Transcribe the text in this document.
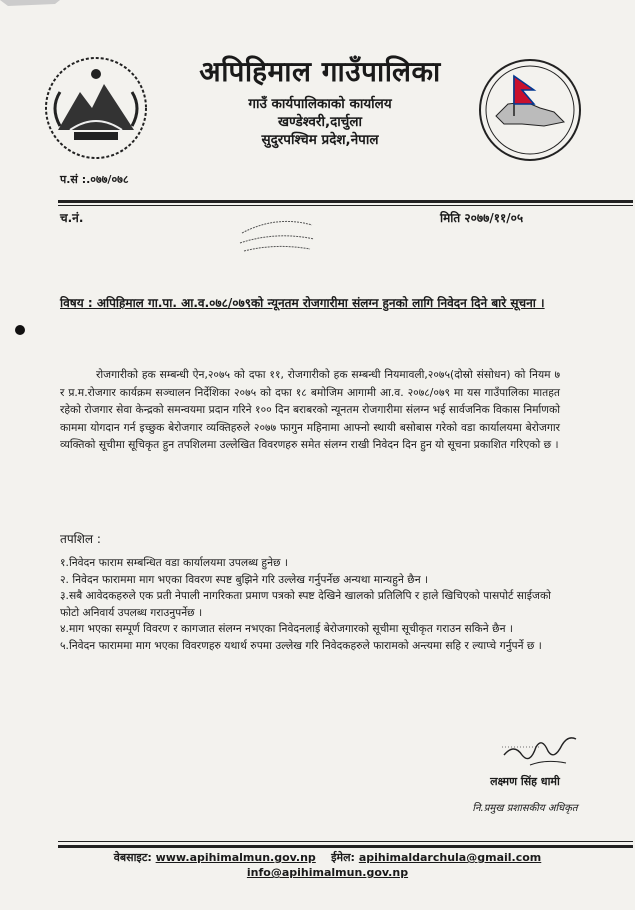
अपिहिमाल गाउँपालिका
गाउँ कार्यपालिकाको कार्यालय
खण्डेश्वरी,दार्चुला
सुदुरपश्चिम प्रदेश,नेपाल
प.सं :.०७७/०७८
च.नं.	मिति २०७७/११/०५
विषय : अपिहिमाल गा.पा. आ.व.०७८/०७९को न्यूनतम रोजगारीमा संलग्न हुनको लागि निवेदन दिने बारे सूचना ।
रोजगारीको हक सम्बन्धी ऐन,२०७५ को दफा ११, रोजगारीको हक सम्बन्धी नियमावली,२०७५(दोस्रो संसोधन) को नियम ७ र प्र.म.रोजगार कार्यक्रम सञ्चालन निर्देशिका २०७५ को दफा १८ बमोजिम आगामी आ.व. २०७८/०७९ मा यस गाउँपालिका मातहत रहेको रोजगार सेवा केन्द्रको समन्वयमा प्रदान गरिने १०० दिन बराबरको न्यूनतम रोजगारीमा संलग्न भई सार्वजनिक विकास निर्माणको काममा योगदान गर्न इच्छुक बेरोजगार व्यक्तिहरुले २०७७ फागुन महिनामा आफ्नो स्थायी बसोबास गरेको वडा कार्यालयमा बेरोजगार व्यक्तिको सूचीमा सूचिकृत हुन तपशिलमा उल्लेखित विवरणहरु समेत संलग्न राखी निवेदन दिन हुन यो सूचना प्रकाशित गरिएको छ ।
तपशिल :
१.निवेदन फाराम सम्बन्धित वडा कार्यालयमा उपलब्ध हुनेछ ।
२. निवेदन फाराममा माग भएका विवरण स्पष्ट बुझिने गरि उल्लेख गर्नुपर्नेछ अन्यथा मान्यहुने छैन ।
३.सबै आवेदकहरुले एक प्रती नेपाली नागरिकता प्रमाण पत्रको स्पष्ट देखिने खालको प्रतिलिपि र हाले खिचिएको पासपोर्ट साईजको फोटो अनिवार्य उपलब्ध गराउनुपर्नेछ ।
४.माग भएका सम्पूर्ण विवरण र कागजात संलग्न नभएका निवेदनलाई बेरोजगारको सूचीमा सूचीकृत गराउन सकिने छैन ।
५.निवेदन फाराममा माग भएका विवरणहरु यथार्थ रुपमा उल्लेख गरि निवेदकहरुले फारामको अन्त्यमा सहि र ल्याप्चे गर्नुपर्ने छ ।
लक्ष्मण सिंह धामी
नि.प्रमुख प्रशासकीय अधिकृत
वेबसाइट: www.apihimalmun.gov.np ईमेल: apihimaldarchula@gmail.com
info@apihimalmun.gov.np
